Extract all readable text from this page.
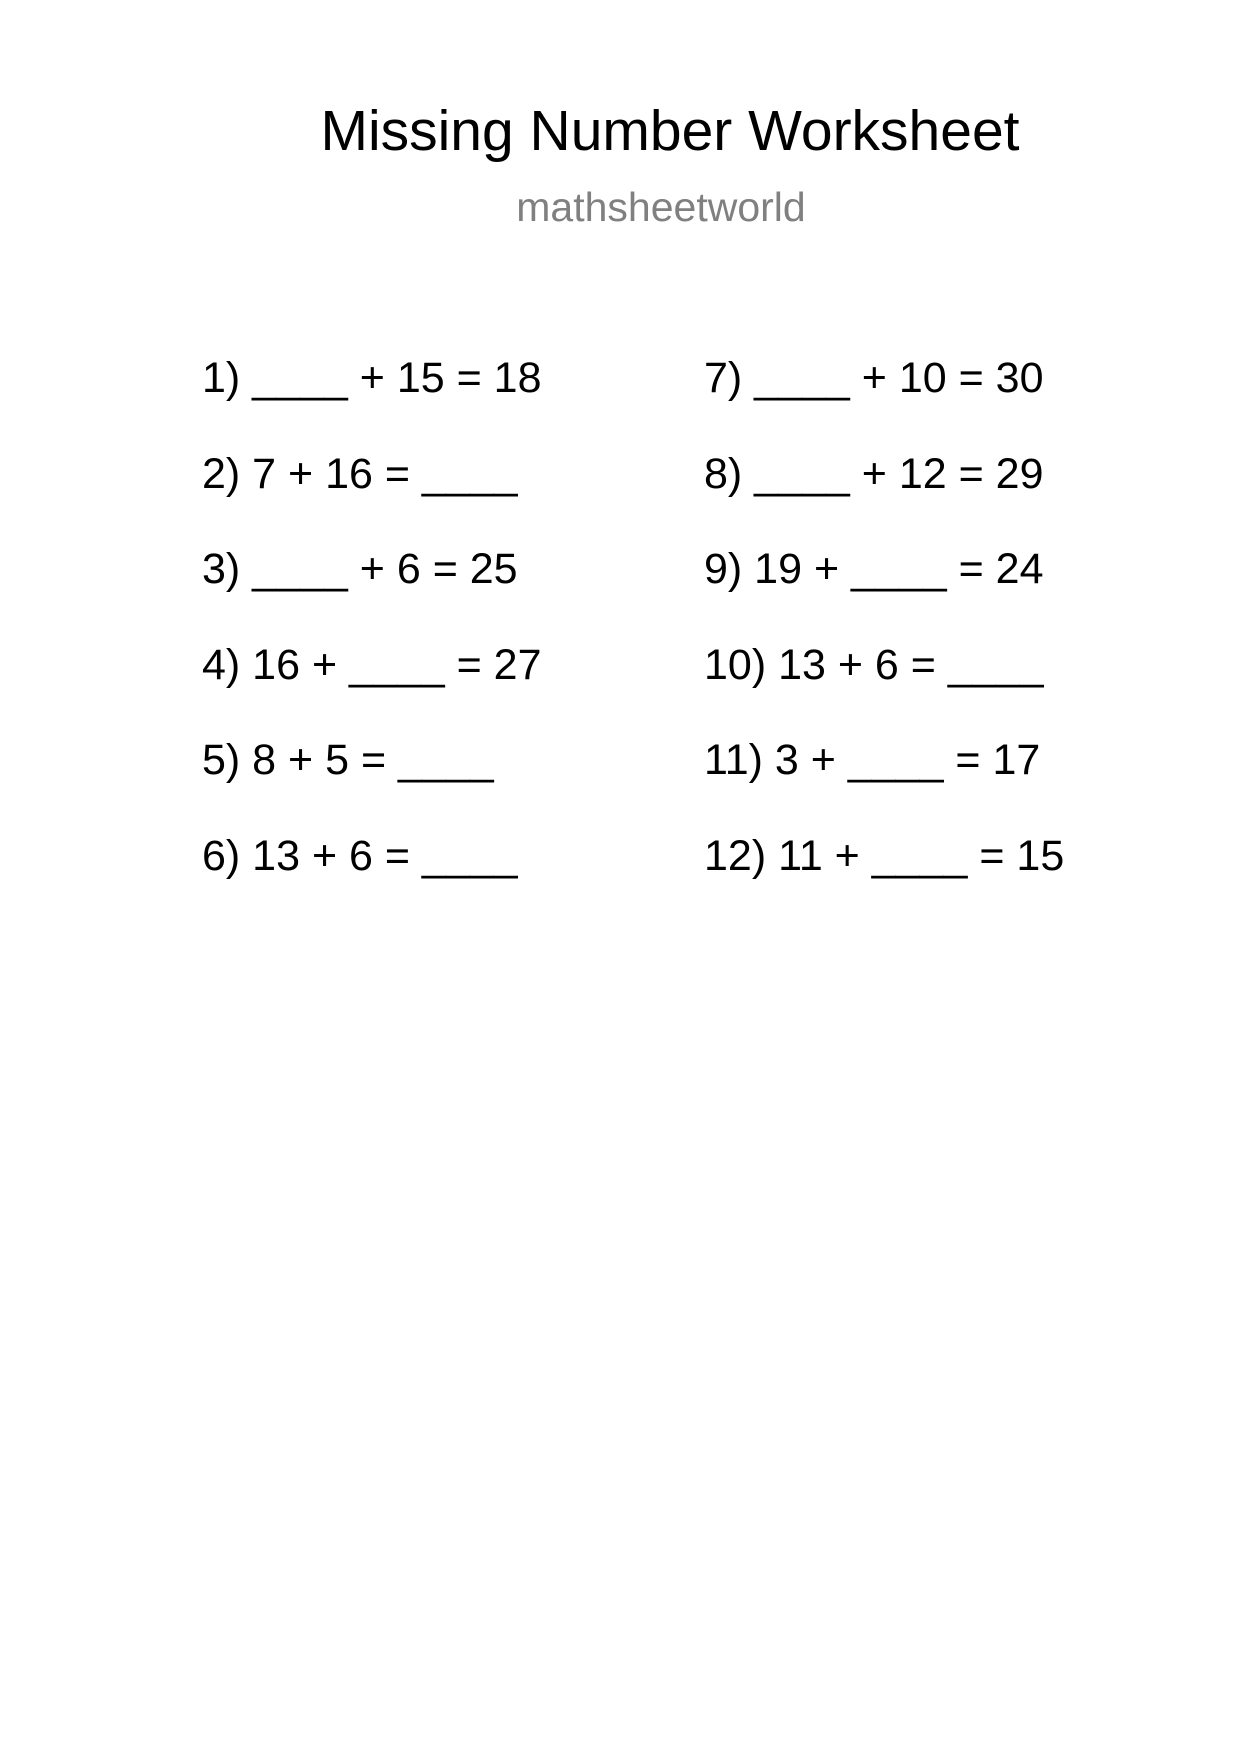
Missing Number Worksheet
mathsheetworld
1) ____ + 15 = 18
2) 7 + 16 = ____
3) ____ + 6 = 25
4) 16 + ____ = 27
5) 8 + 5 = ____
6) 13 + 6 = ____
7) ____ + 10 = 30
8) ____ + 12 = 29
9) 19 + ____ = 24
10) 13 + 6 = ____
11) 3 + ____ = 17
12) 11 + ____ = 15
